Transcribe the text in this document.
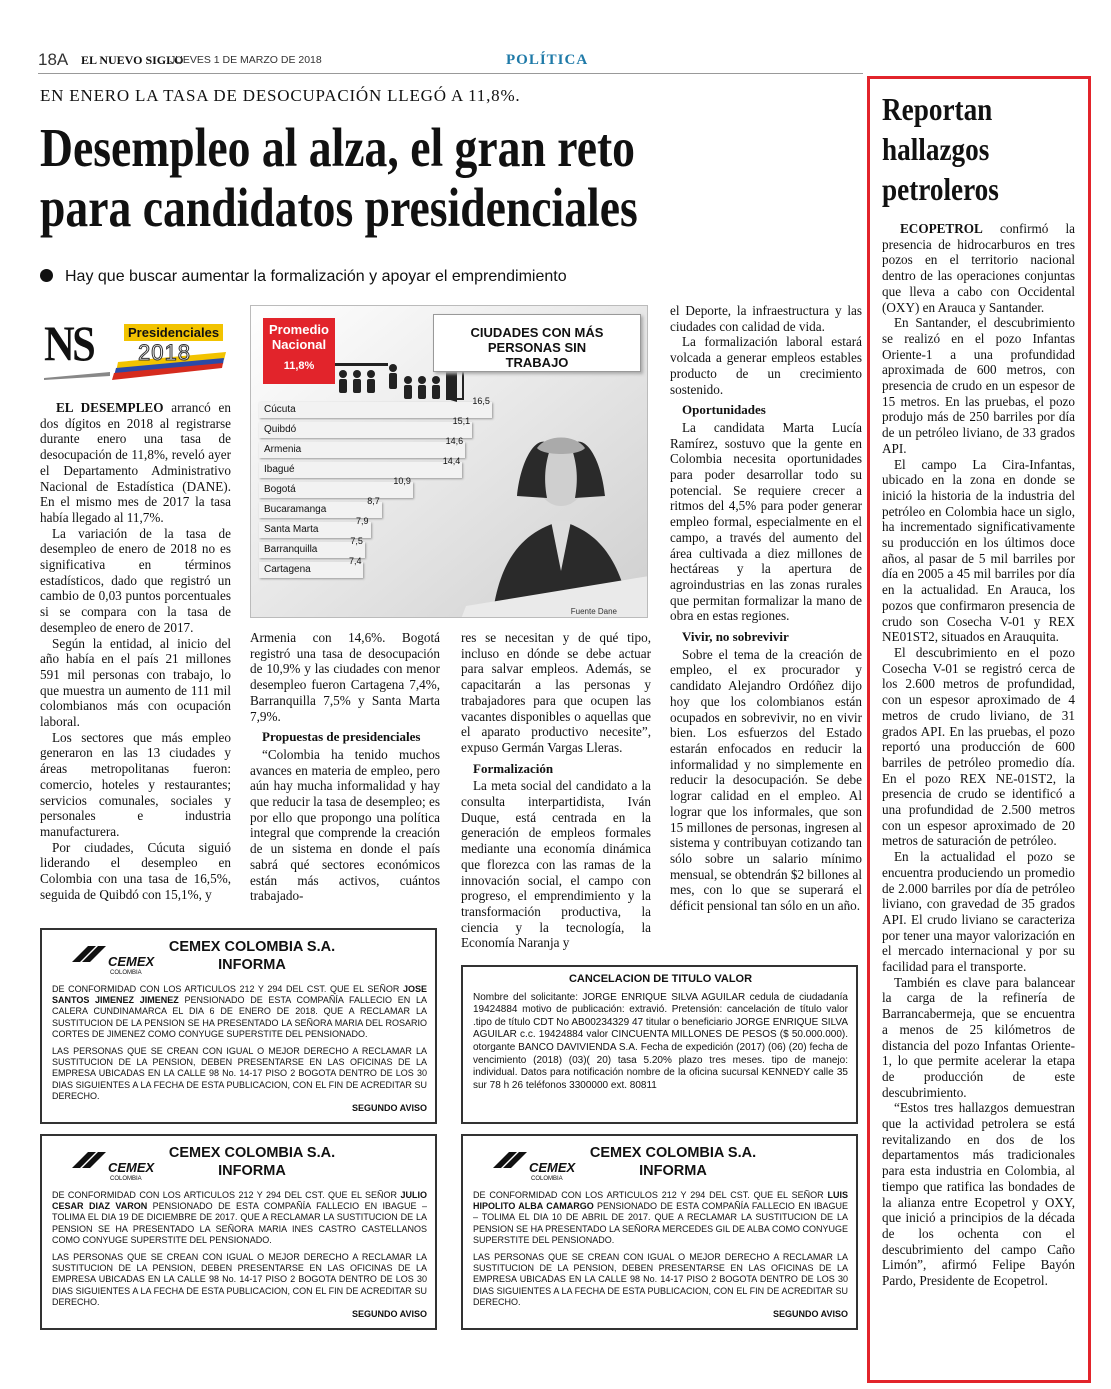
18A EL NUEVO SIGLO
JUEVES 1 DE MARZO DE 2018	POLÍTICA
EN ENERO LA TASA DE DESOCUPACIÓN LLEGÓ A 11,8%.
Desempleo al alza, el gran reto
para candidatos presidenciales
Hay que buscar aumentar la formalización y apoyar el emprendimiento
NS	Presidenciales
2018

EL DESEMPLEO arrancó en dos dígitos en 2018 al registrarse durante enero una tasa de desocupación de 11,8%, reveló ayer el Departamento Administrativo Nacional de Estadística (DANE). En el mismo mes de 2017 la tasa había llegado al 11,7%.

La variación de la tasa de desempleo de enero de 2018 no es significativa en términos estadísticos, dado que registró un cambio de 0,03 puntos porcentuales si se compara con la tasa de desempleo de enero de 2017.

Según la entidad, al inicio del año había en el país 21 millones 591 mil personas con trabajo, lo que muestra un aumento de 111 mil colombianos más con ocupación laboral.

Los sectores que más empleo generaron en las 13 ciudades y áreas metropolitanas fueron: comercio, hoteles y restaurantes; servicios comunales, sociales y personales e industria manufacturera.

Por ciudades, Cúcuta siguió liderando el desempleo en Colombia con una tasa de 16,5%, seguida de Quibdó con 15,1%, y

Fuente Dane
CIUDADES CON MÁS PERSONAS SIN TRABAJO
Promedio Nacional
11,8%
Cúcuta
16,5
Quibdó
15,1
Armenia
14,6
Ibagué
14,4
Bogotá
10,9
Bucaramanga
8,7
Santa Marta
7,9
Barranquilla
7,5
Cartagena
7,4

Armenia con 14,6%. Bogotá registró una tasa de desocupación de 10,9% y las ciudades con menor desempleo fueron Cartagena 7,4%, Barranquilla 7,5% y Santa Marta 7,9%.

Propuestas de presidenciales

“Colombia ha tenido muchos avances en materia de empleo, pero aún hay mucha informalidad y hay que reducir la tasa de desempleo; es por ello que propongo una política integral que comprende la creación de un sistema en donde el país sabrá qué sectores económicos están más activos, cuántos trabajado-

res se necesitan y de qué tipo, incluso en dónde se debe actuar para salvar empleos. Además, se capacitarán a las personas y trabajadores para que ocupen las vacantes disponibles o aquellas que el aparato productivo necesite”, expuso Germán Vargas Lleras.

Formalización

La meta social del candidato a la consulta interpartidista, Iván Duque, está centrada en la generación de empleos formales mediante una economía dinámica que florezca con las ramas de la innovación social, el campo con progreso, el emprendimiento y la transformación productiva, la ciencia y la tecnología, la Economía Naranja y

el Deporte, la infraestructura y las ciudades con calidad de vida.

La formalización laboral estará volcada a generar empleos estables producto de un crecimiento sostenido.

Oportunidades

La candidata Marta Lucía Ramírez, sostuvo que la gente en Colombia necesita oportunidades para poder desarrollar todo su potencial. Se requiere crecer a ritmos del 4,5% para poder generar empleo formal, especialmente en el campo, a través del aumento del área cultivada a diez millones de hectáreas y la apertura de agroindustrias en las zonas rurales que permitan formalizar la mano de obra en estas regiones.

Vivir, no sobrevivir

Sobre el tema de la creación de empleo, el ex procurador y candidato Alejandro Ordóñez dijo hoy que los colombianos están ocupados en sobrevivir, no en vivir bien. Los esfuerzos del Estado estarán enfocados en reducir la informalidad y no simplemente en reducir la desocupación. Se debe lograr calidad en el empleo. Al lograr que los informales, que son 15 millones de personas, ingresen al sistema y contribuyan cotizando tan sólo sobre un salario mínimo mensual, se obtendrán $2 billones al mes, con lo que se superará el déficit pensional tan sólo en un año.

Reportan
hallazgos
petroleros

ECOPETROL confirmó la presencia de hidrocarburos en tres pozos en el territorio nacional dentro de las operaciones conjuntas que lleva a cabo con Occidental (OXY) en Arauca y Santander.

En Santander, el descubrimiento se realizó en el pozo Infantas Oriente-1 a una profundidad aproximada de 600 metros, con presencia de crudo en un espesor de 15 metros. En las pruebas, el pozo produjo más de 250 barriles por día de un petróleo liviano, de 33 grados API.

El campo La Cira-Infantas, ubicado en la zona en donde se inició la historia de la industria del petróleo en Colombia hace un siglo, ha incrementado significativamente su producción en los últimos doce años, al pasar de 5 mil barriles por día en 2005 a 45 mil barriles por día en la actualidad. En Arauca, los pozos que confirmaron presencia de crudo son Cosecha V-01 y REX NE01ST2, situados en Arauquita.

El descubrimiento en el pozo Cosecha V-01 se registró cerca de los 2.600 metros de profundidad, con un espesor aproximado de 4 metros de crudo liviano, de 31 grados API. En las pruebas, el pozo reportó una producción de 600 barriles de petróleo promedio día. En el pozo REX NE-01ST2, la presencia de crudo se identificó a una profundidad de 2.500 metros con un espesor aproximado de 20 metros de saturación de petróleo.

En la actualidad el pozo se encuentra produciendo un promedio de 2.000 barriles por día de petróleo liviano, con gravedad de 35 grados API. El crudo liviano se caracteriza por tener una mayor valorización en el mercado internacional y por su facilidad para el transporte.

También es clave para balancear la carga de la refinería de Barrancabermeja, que se encuentra a menos de 25 kilómetros de distancia del pozo Infantas Oriente-1, lo que permite acelerar la etapa de producción de este descubrimiento.

“Estos tres hallazgos demuestran que la actividad petrolera se está revitalizando en dos de los departamentos más tradicionales para esta industria en Colombia, al tiempo que ratifica las bondades de la alianza entre Ecopetrol y OXY, que inició a principios de la década de los ochenta con el descubrimiento del campo Caño Limón”, afirmó Felipe Bayón Pardo, Presidente de Ecopetrol.

CEMEX
COLOMBIA
CEMEX COLOMBIA S.A.
INFORMA

DE CONFORMIDAD CON LOS ARTICULOS 212 Y 294 DEL CST. QUE EL SEÑOR JOSE SANTOS JIMENEZ JIMENEZ PENSIONADO DE ESTA COMPAÑÍA FALLECIO EN LA CALERA CUNDINAMARCA EL DIA 6 DE ENERO DE 2018. QUE A RECLAMAR LA SUSTITUCION DE LA PENSION SE HA PRESENTADO LA SEÑORA MARIA DEL ROSARIO CORTES DE JIMENEZ COMO CONYUGE SUPERSTITE DEL PENSIONADO.

LAS PERSONAS QUE SE CREAN CON IGUAL O MEJOR DERECHO A RECLAMAR LA SUSTITUCION DE LA PENSION, DEBEN PRESENTARSE EN LAS OFICINAS DE LA EMPRESA UBICADAS EN LA CALLE 98 No. 14-17 PISO 2 BOGOTA DENTRO DE LOS 30 DIAS SIGUIENTES A LA FECHA DE ESTA PUBLICACION, CON EL FIN DE ACREDITAR SU DERECHO.

SEGUNDO AVISO

CANCELACION DE TITULO VALOR

Nombre del solicitante: JORGE ENRIQUE SILVA AGUILAR cedula de ciudadanía 19424884 motivo de publicación: extravió. Pretensión: cancelación de título valor .tipo de título CDT No AB00234329 47 titular o beneficiario JORGE ENRIQUE SILVA AGUILAR c.c. 19424884 valor CINCUENTA MILLONES DE PESOS ($ 50.000.000). otorgante BANCO DAVIVIENDA S.A. Fecha de expedición (2017) (06) (20) fecha de vencimiento (2018) (03)( 20) tasa 5.20% plazo tres meses. tipo de manejo: individual. Datos para notificación nombre de la oficina sucursal KENNEDY calle 35 sur 78 h 26 teléfonos 3300000 ext. 80811

CEMEX
COLOMBIA
CEMEX COLOMBIA S.A.
INFORMA

DE CONFORMIDAD CON LOS ARTICULOS 212 Y 294 DEL CST. QUE EL SEÑOR JULIO CESAR DIAZ VARON PENSIONADO DE ESTA COMPAÑÍA FALLECIO EN IBAGUE – TOLIMA EL DIA 19 DE DICIEMBRE DE 2017. QUE A RECLAMAR LA SUSTITUCION DE LA PENSION SE HA PRESENTADO LA SEÑORA MARIA INES CASTRO CASTELLANOS COMO CONYUGE SUPERSTITE DEL PENSIONADO.

LAS PERSONAS QUE SE CREAN CON IGUAL O MEJOR DERECHO A RECLAMAR LA SUSTITUCION DE LA PENSION, DEBEN PRESENTARSE EN LAS OFICINAS DE LA EMPRESA UBICADAS EN LA CALLE 98 No. 14-17 PISO 2 BOGOTA DENTRO DE LOS 30 DIAS SIGUIENTES A LA FECHA DE ESTA PUBLICACION, CON EL FIN DE ACREDITAR SU DERECHO.

SEGUNDO AVISO

CEMEX
COLOMBIA
CEMEX COLOMBIA S.A.
INFORMA

DE CONFORMIDAD CON LOS ARTICULOS 212 Y 294 DEL CST. QUE EL SEÑOR LUIS HIPOLITO ALBA CAMARGO PENSIONADO DE ESTA COMPAÑÍA FALLECIO EN IBAGUE – TOLIMA EL DIA 10 DE ABRIL DE 2017. QUE A RECLAMAR LA SUSTITUCION DE LA PENSION SE HA PRESENTADO LA SEÑORA MERCEDES GIL DE ALBA COMO CONYUGE SUPERSTITE DEL PENSIONADO.

LAS PERSONAS QUE SE CREAN CON IGUAL O MEJOR DERECHO A RECLAMAR LA SUSTITUCION DE LA PENSION, DEBEN PRESENTARSE EN LAS OFICINAS DE LA EMPRESA UBICADAS EN LA CALLE 98 No. 14-17 PISO 2 BOGOTA DENTRO DE LOS 30 DIAS SIGUIENTES A LA FECHA DE ESTA PUBLICACION, CON EL FIN DE ACREDITAR SU DERECHO.

SEGUNDO AVISO
